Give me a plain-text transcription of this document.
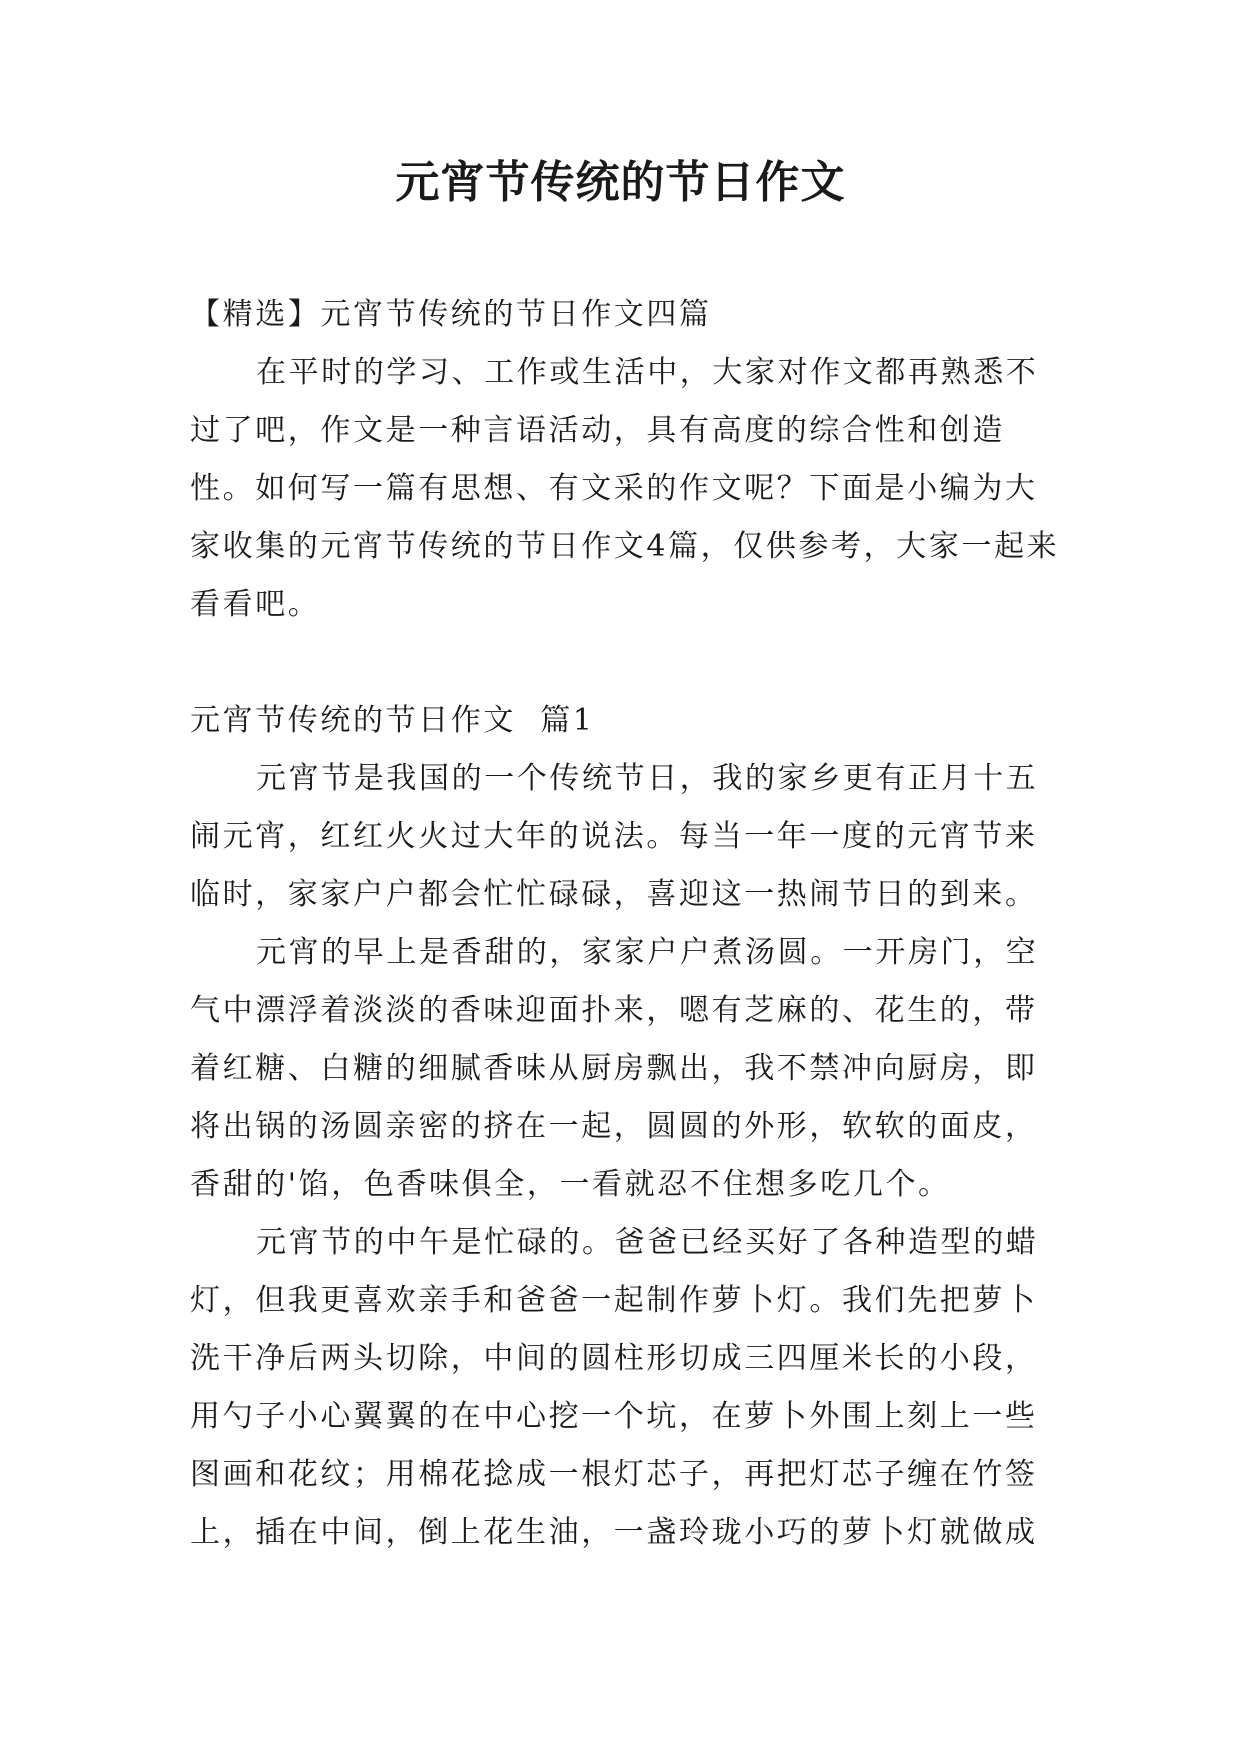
元宵节传统的节日作文

【精选】元宵节传统的节日作文四篇

在平时的学习、工作或生活中，大家对作文都再熟悉不过了吧，作文是一种言语活动，具有高度的综合性和创造性。如何写一篇有思想、有文采的作文呢？下面是小编为大家收集的元宵节传统的节日作文4篇，仅供参考，大家一起来看看吧。

元宵节传统的节日作文  篇1

元宵节是我国的一个传统节日，我的家乡更有正月十五闹元宵，红红火火过大年的说法。每当一年一度的元宵节来临时，家家户户都会忙忙碌碌，喜迎这一热闹节日的到来。

元宵的早上是香甜的，家家户户煮汤圆。一开房门，空气中漂浮着淡淡的香味迎面扑来，嗯有芝麻的、花生的，带着红糖、白糖的细腻香味从厨房飘出，我不禁冲向厨房，即将出锅的汤圆亲密的挤在一起，圆圆的外形，软软的面皮，香甜的'馅，色香味俱全，一看就忍不住想多吃几个。

元宵节的中午是忙碌的。爸爸已经买好了各种造型的蜡灯，但我更喜欢亲手和爸爸一起制作萝卜灯。我们先把萝卜洗干净后两头切除，中间的圆柱形切成三四厘米长的小段，用勺子小心翼翼的在中心挖一个坑，在萝卜外围上刻上一些图画和花纹；用棉花捻成一根灯芯子，再把灯芯子缠在竹签上，插在中间，倒上花生油，一盏玲珑小巧的萝卜灯就做成
